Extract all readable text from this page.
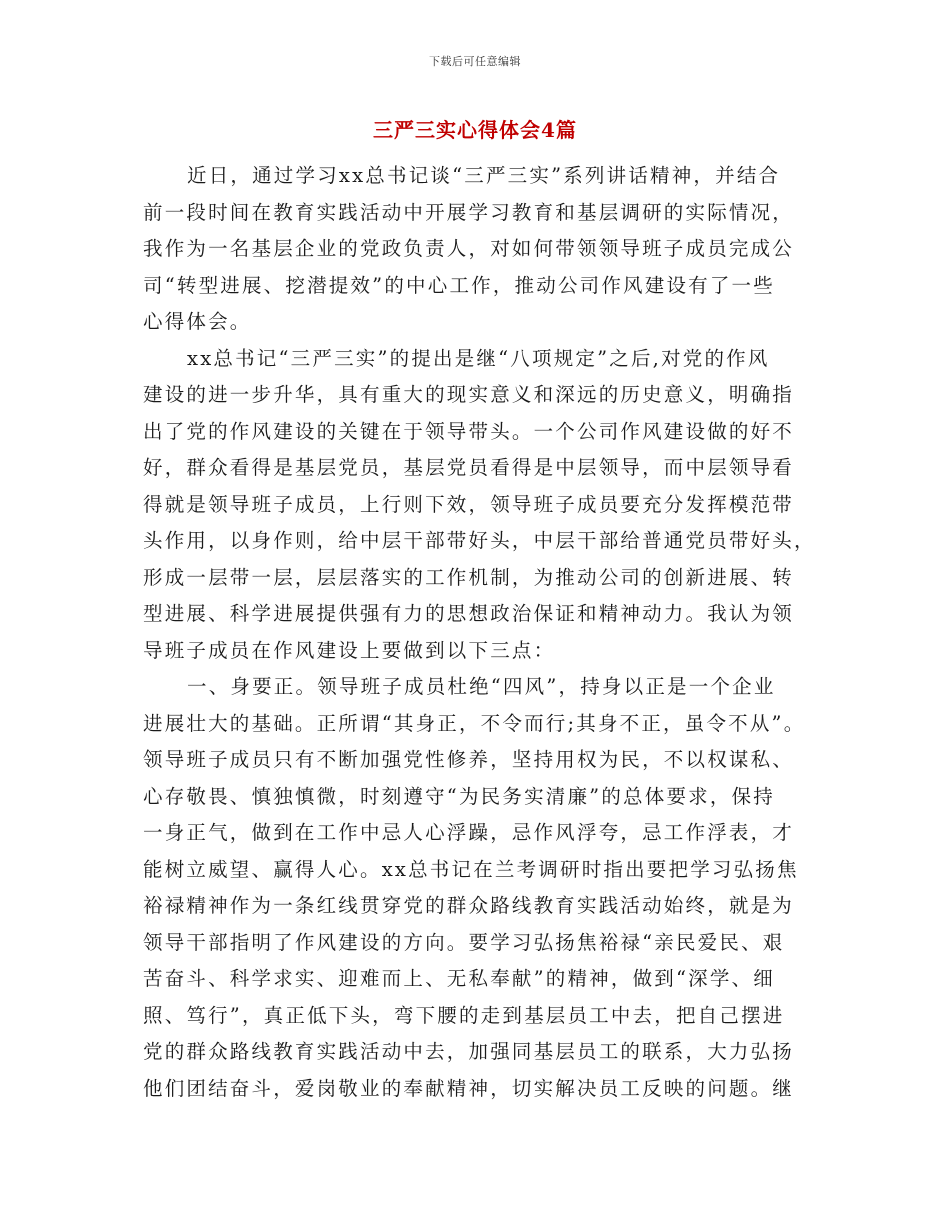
下载后可任意编辑
三严三实心得体会4篇
近日，通过学习xx总书记谈“三严三实”系列讲话精神，并结合
前一段时间在教育实践活动中开展学习教育和基层调研的实际情况，
我作为一名基层企业的党政负责人，对如何带领领导班子成员完成公
司“转型进展、挖潜提效”的中心工作，推动公司作风建设有了一些
心得体会。
xx总书记“三严三实”的提出是继“八项规定”之后,对党的作风
建设的进一步升华，具有重大的现实意义和深远的历史意义，明确指
出了党的作风建设的关键在于领导带头。一个公司作风建设做的好不
好，群众看得是基层党员，基层党员看得是中层领导，而中层领导看
得就是领导班子成员，上行则下效，领导班子成员要充分发挥模范带
头作用，以身作则，给中层干部带好头，中层干部给普通党员带好头，
形成一层带一层，层层落实的工作机制，为推动公司的创新进展、转
型进展、科学进展提供强有力的思想政治保证和精神动力。我认为领
导班子成员在作风建设上要做到以下三点：
一、身要正。领导班子成员杜绝“四风”，持身以正是一个企业
进展壮大的基础。正所谓“其身正，不令而行;其身不正，虽令不从”。
领导班子成员只有不断加强党性修养，坚持用权为民，不以权谋私、
心存敬畏、慎独慎微，时刻遵守“为民务实清廉”的总体要求，保持
一身正气，做到在工作中忌人心浮躁，忌作风浮夸，忌工作浮表，才
能树立威望、赢得人心。xx总书记在兰考调研时指出要把学习弘扬焦
裕禄精神作为一条红线贯穿党的群众路线教育实践活动始终，就是为
领导干部指明了作风建设的方向。要学习弘扬焦裕禄“亲民爱民、艰
苦奋斗、科学求实、迎难而上、无私奉献”的精神，做到“深学、细
照、笃行”，真正低下头，弯下腰的走到基层员工中去，把自己摆进
党的群众路线教育实践活动中去，加强同基层员工的联系，大力弘扬
他们团结奋斗，爱岗敬业的奉献精神，切实解决员工反映的问题。继
